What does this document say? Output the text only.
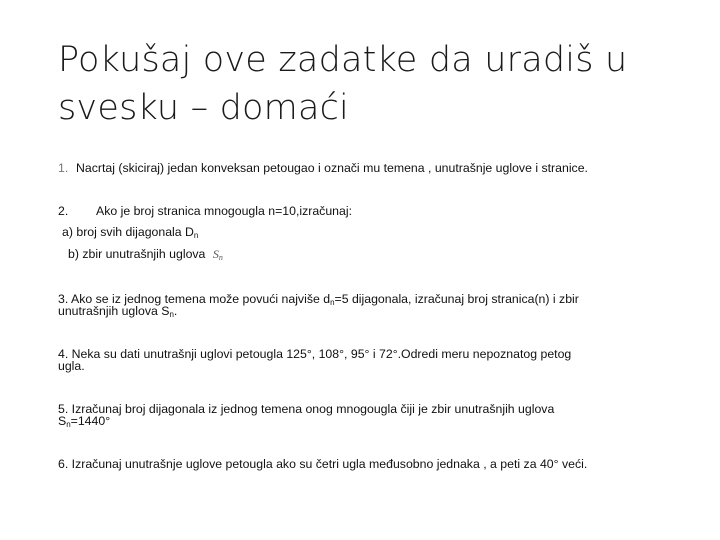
Pokušaj ove zadatke da uradiš u svesku – domaći
1. Nacrtaj (skiciraj) jedan konveksan petougao i označi mu temena , unutrašnje uglove i stranice.
2. Ako je broj stranica mnogougla n=10,izračunaj:
a) broj svih dijagonala $D_n$
b) zbir unutrašnjih uglova $S_n$
3. Ako se iz jednog temena može povući najviše $d_n=5$ dijagonala, izračunaj broj stranica(n) i zbir
unutrašnjih uglova $S_n$.
4. Neka su dati unutrašnji uglovi petougla 125°, 108°, 95° i 72°.Odredi meru nepoznatog petog
ugla.
5. Izračunaj broj dijagonala iz jednog temena onog mnogougla čiji je zbir unutrašnjih uglova
$S_n=1440^\circ$
6. Izračunaj unutrašnje uglove petougla ako su četri ugla međusobno jednaka , a peti za 40° veći.
